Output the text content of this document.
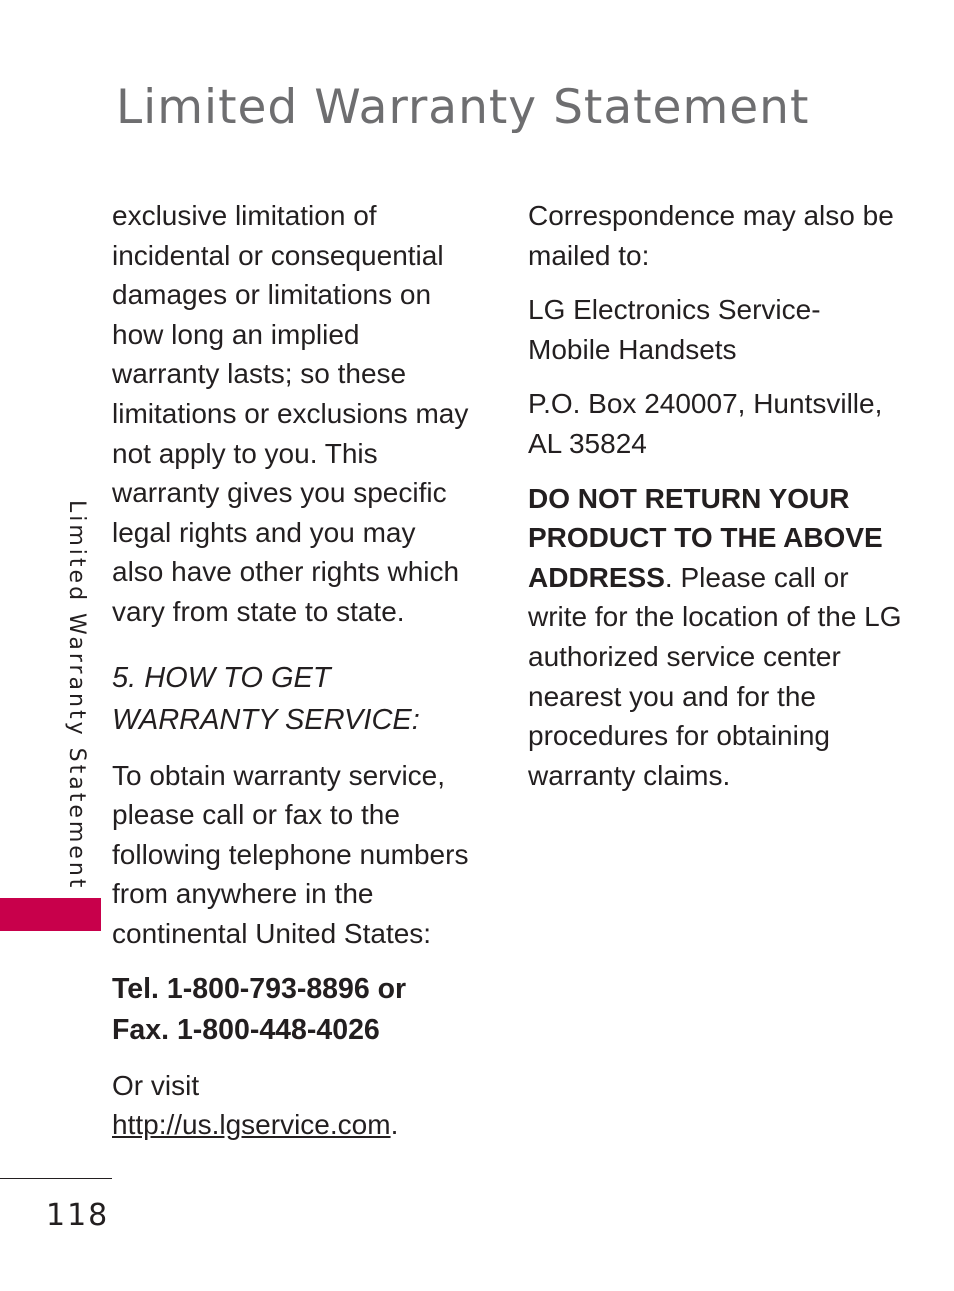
Limited Warranty Statement
Limited Warranty Statement

exclusive limitation of incidental or consequential damages or limitations on how long an implied warranty lasts; so these limitations or exclusions may not apply to you. This warranty gives you specific legal rights and you may also have other rights which vary from state to state.

5. HOW TO GET WARRANTY SERVICE:

To obtain warranty service, please call or fax to the following telephone numbers from anywhere in the continental United States:

Tel. 1-800-793-8896 or
Fax. 1-800-448-4026

Or visit
http://us.lgservice.com.

Correspondence may also be mailed to:

LG Electronics Service-
Mobile Handsets

P.O. Box 240007, Huntsville,
AL 35824

DO NOT RETURN YOUR PRODUCT TO THE ABOVE ADDRESS. Please call or write for the location of the LG authorized service center nearest you and for the procedures for obtaining warranty claims.

118
